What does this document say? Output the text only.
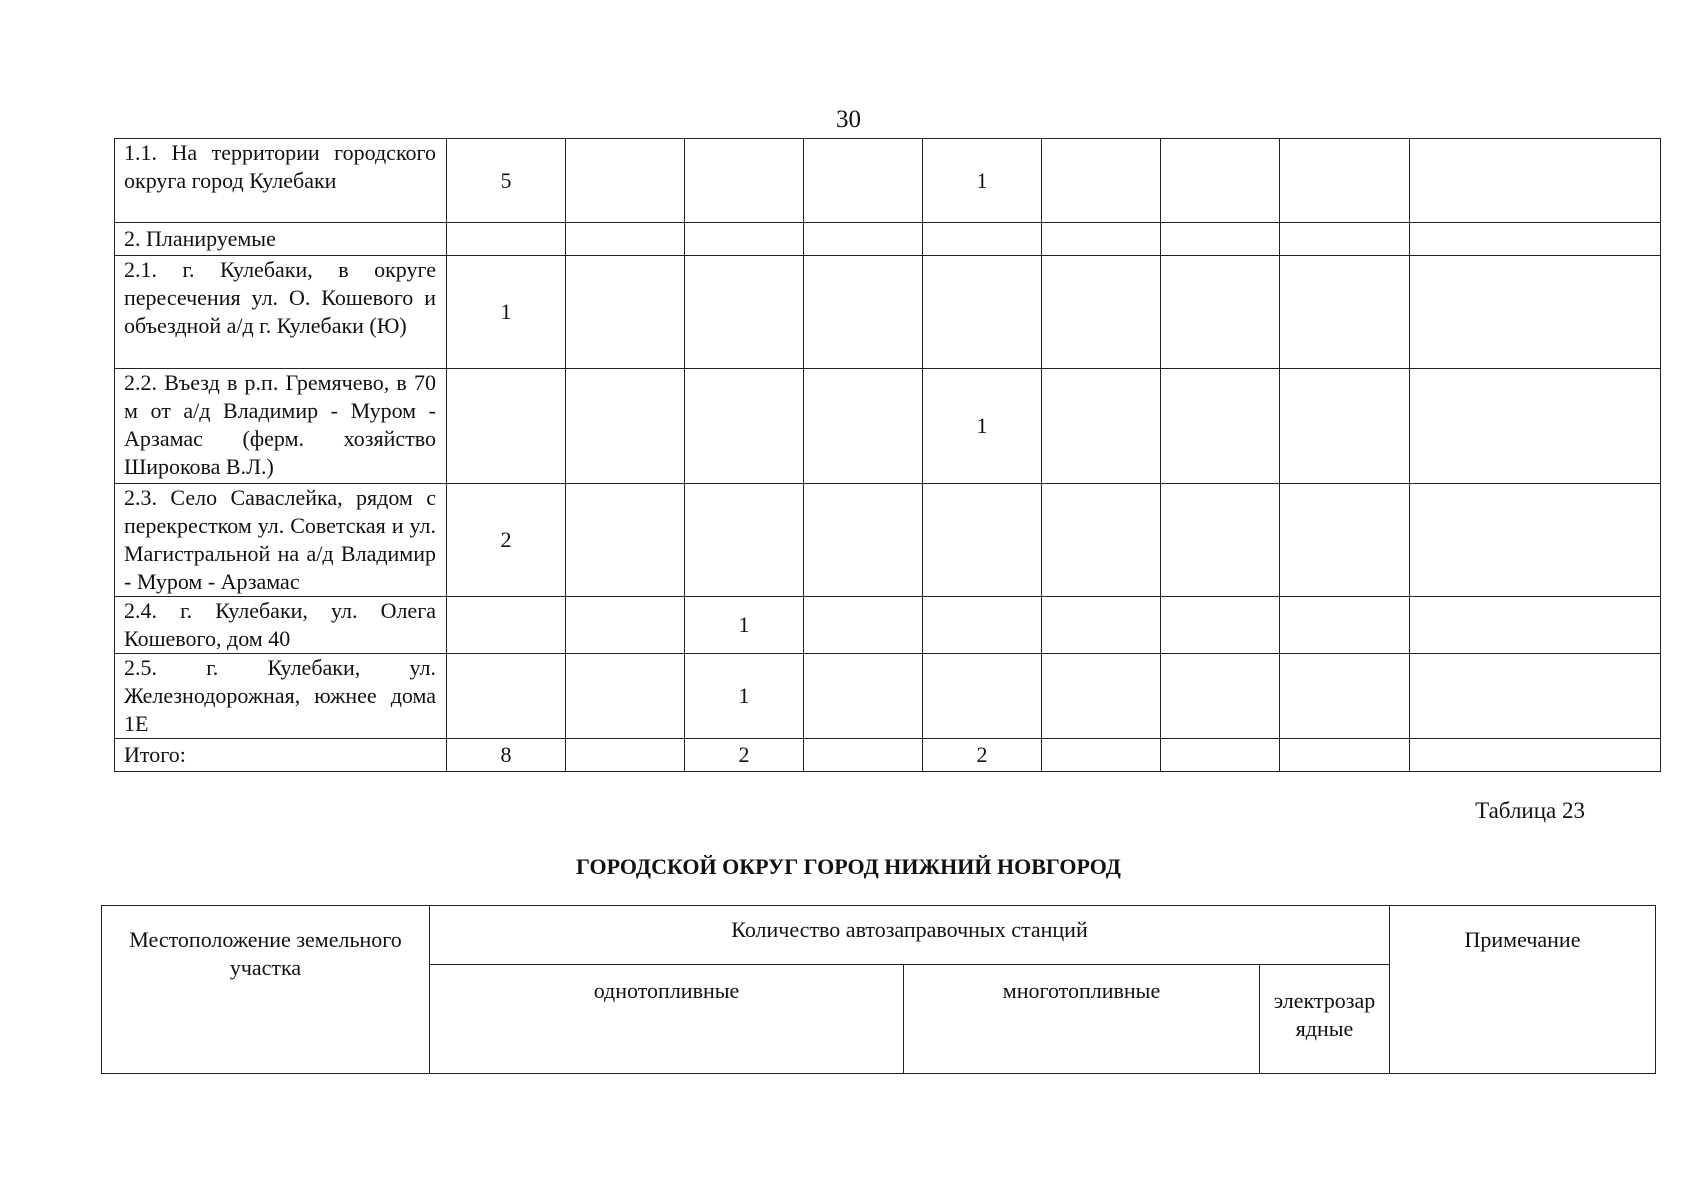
30
1.1. На территории городского округа город Кулебаки	5				1				
2. Планируемые									
2.1. г. Кулебаки, в округе пересечения ул. О. Кошевого и объездной а/д г. Кулебаки (Ю)	1								
2.2. Въезд в р.п. Гремячево, в 70 м от а/д Владимир - Муром - Арзамас (ферм. хозяйство Широкова В.Л.)					1				
2.3. Село Саваслейка, рядом с перекрестком ул. Советская и ул. Магистральной на а/д Владимир - Муром - Арзамас	2								
2.4. г. Кулебаки, ул. Олега Кошевого, дом 40			1						
2.5. г. Кулебаки, ул. Железнодорожная, южнее дома 1Е			1						
Итого:	8		2		2				
Таблица 23
ГОРОДСКОЙ ОКРУГ ГОРОД НИЖНИЙ НОВГОРОД
Местоположение земельного участка	Количество автозаправочных станций			Примечание
	однотопливные	многотопливные	электрозар ядные	
